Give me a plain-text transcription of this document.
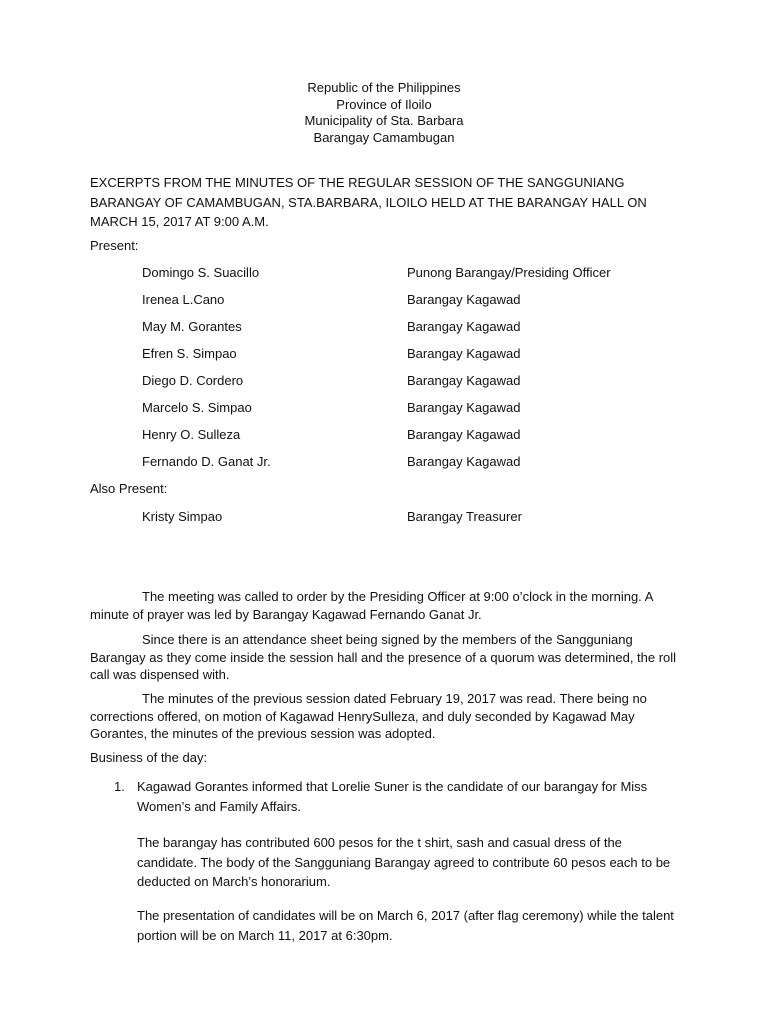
Republic of the Philippines
Province of Iloilo
Municipality of Sta. Barbara
Barangay Camambugan
EXCERPTS FROM THE MINUTES OF THE REGULAR SESSION OF THE SANGGUNIANG BARANGAY OF CAMAMBUGAN, STA.BARBARA, ILOILO HELD AT THE BARANGAY HALL ON MARCH 15, 2017 AT 9:00 A.M.
Present:
Domingo S. Suacillo	Punong Barangay/Presiding Officer
Irenea L.Cano	Barangay Kagawad
May M. Gorantes	Barangay Kagawad
Efren S. Simpao	Barangay Kagawad
Diego D. Cordero	Barangay Kagawad
Marcelo S. Simpao	Barangay Kagawad
Henry O. Sulleza	Barangay Kagawad
Fernando D. Ganat Jr.	Barangay Kagawad
Also Present:
Kristy Simpao	Barangay Treasurer
The meeting was called to order by the Presiding Officer at 9:00 o’clock in the morning. A minute of prayer was led by Barangay Kagawad Fernando Ganat Jr.
Since there is an attendance sheet being signed by the members of the Sangguniang Barangay as they come inside the session hall and the presence of a quorum was determined, the roll call was dispensed with.
The minutes of the previous session dated February 19, 2017 was read. There being no corrections offered, on motion of Kagawad HenrySulleza, and duly seconded by Kagawad May Gorantes, the minutes of the previous session was adopted.
Business of the day:
1. Kagawad Gorantes informed that Lorelie Suner is the candidate of our barangay for Miss Women’s and Family Affairs.
The barangay has contributed 600 pesos for the t shirt, sash and casual dress of the candidate. The body of the Sangguniang Barangay agreed to contribute 60 pesos each to be deducted on March’s honorarium.
The presentation of candidates will be on March 6, 2017 (after flag ceremony) while the talent portion will be on March 11, 2017 at 6:30pm.
